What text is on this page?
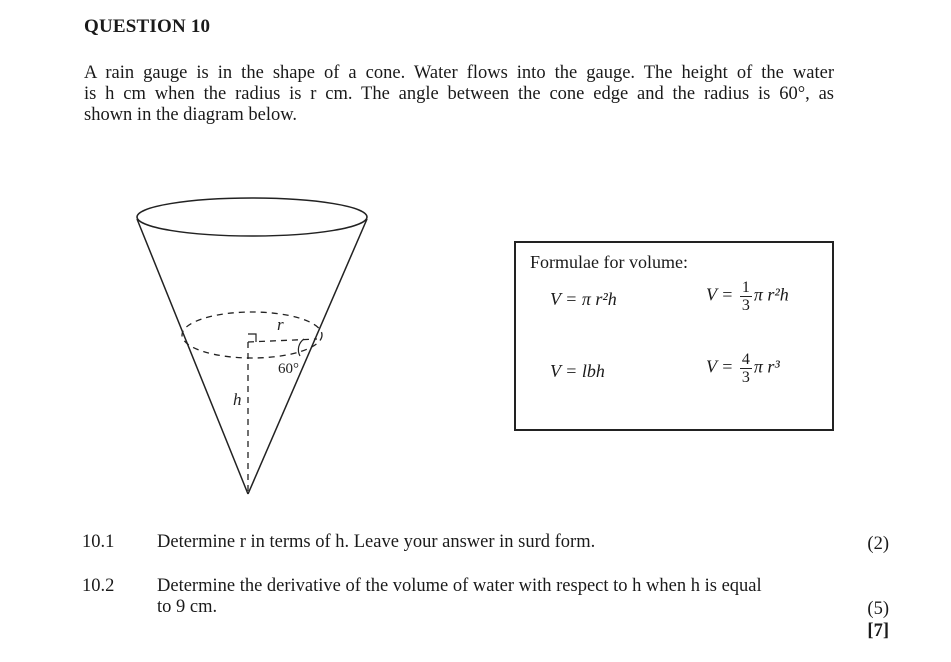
QUESTION 10
A rain gauge is in the shape of a cone. Water flows into the gauge. The height of the water
is h cm when the radius is r cm. The angle between the cone edge and the radius is 60°, as
shown in the diagram below.
r
h
60°
Formulae for volume:
V = π r²h	$V = \frac{1}{3}$ π r²h
V = lbh	$V = \frac{4}{3}$ π r³
10.1 Determine r in terms of h. Leave your answer in surd form.	(2)
10.2 Determine the derivative of the volume of water with respect to h when h is equal
to 9 cm.	(5)
[7]
